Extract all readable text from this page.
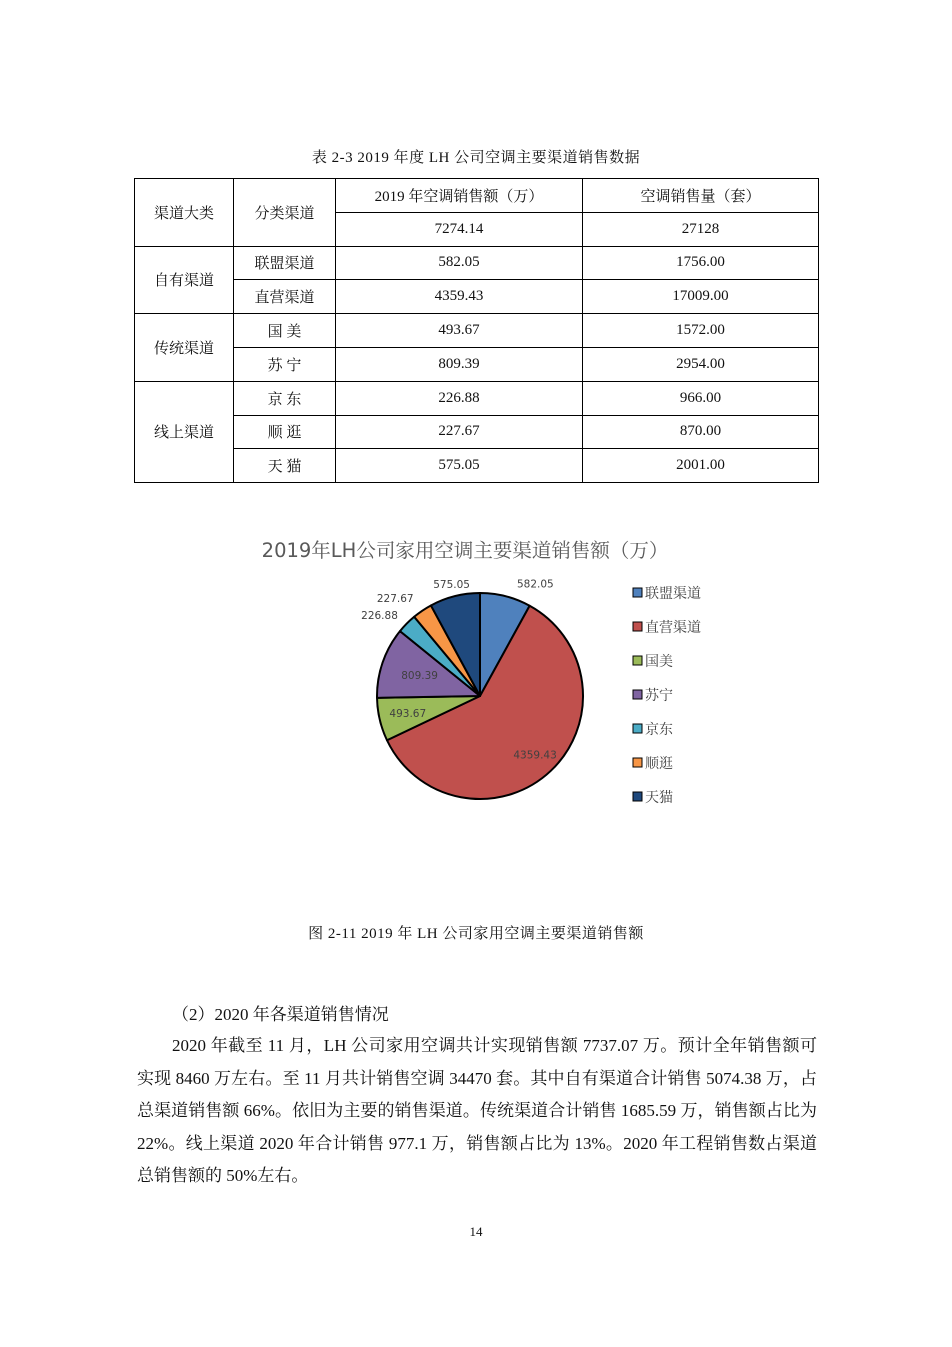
表 2-3 2019 年度 LH 公司空调主要渠道销售数据
渠道大类	分类渠道	2019 年空调销售额（万）	空调销售量（套）
		7274.14	27128
自有渠道	联盟渠道	582.05	1756.00
	直营渠道	4359.43	17009.00
传统渠道	国 美	493.67	1572.00
	苏 宁	809.39	2954.00
线上渠道	京 东	226.88	966.00
	顺 逛	227.67	870.00
	天 猫	575.05	2001.00
2019年LH公司家用空调主要渠道销售额（万）
582.05
4359.43
493.67
809.39
226.88
227.67
575.05
联盟渠道
直营渠道
国美
苏宁
京东
顺逛
天猫
图 2-11 2019 年 LH 公司家用空调主要渠道销售额
（2）2020 年各渠道销售情况
2020 年截至 11 月，LH 公司家用空调共计实现销售额 7737.07 万。预计全年销售额可实现 8460 万左右。至 11 月共计销售空调 34470 套。其中自有渠道合计销售 5074.38 万，占总渠道销售额 66%。依旧为主要的销售渠道。传统渠道合计销售 1685.59 万，销售额占比为 22%。线上渠道 2020 年合计销售 977.1 万，销售额占比为 13%。2020 年工程销售数占渠道总销售额的 50%左右。
14
